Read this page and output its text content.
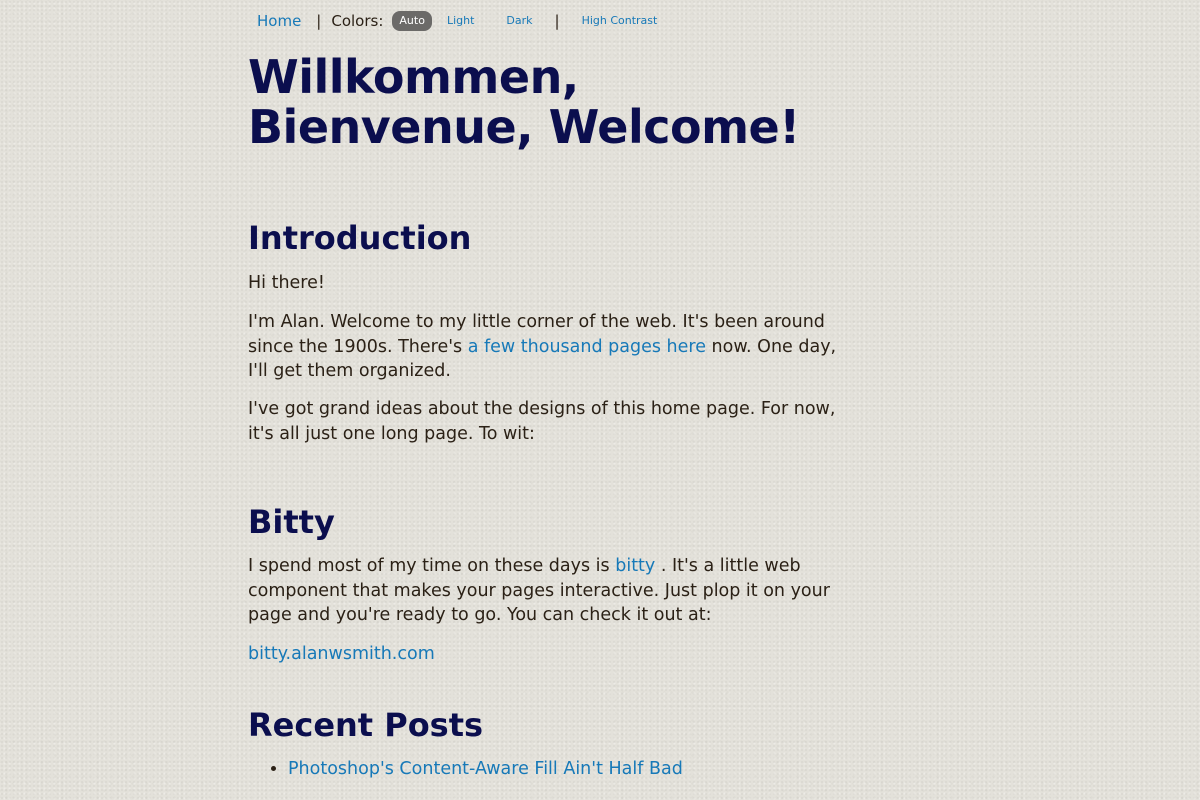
Home | Colors:	Auto	Light	Dark	|	High Contrast
Willkommen,
Bienvenue, Welcome!
Introduction

Hi there!

I'm Alan. Welcome to my little corner of the web. It's been around since the 1900s. There's a few thousand pages here now. One day, I'll get them organized.

I've got grand ideas about the designs of this home page. For now, it's all just one long page. To wit:

Bitty

I spend most of my time on these days is bitty . It's a little web component that makes your pages interactive. Just plop it on your page and you're ready to go. You can check it out at:

bitty.alanwsmith.com

Recent Posts
• Photoshop's Content-Aware Fill Ain't Half Bad
